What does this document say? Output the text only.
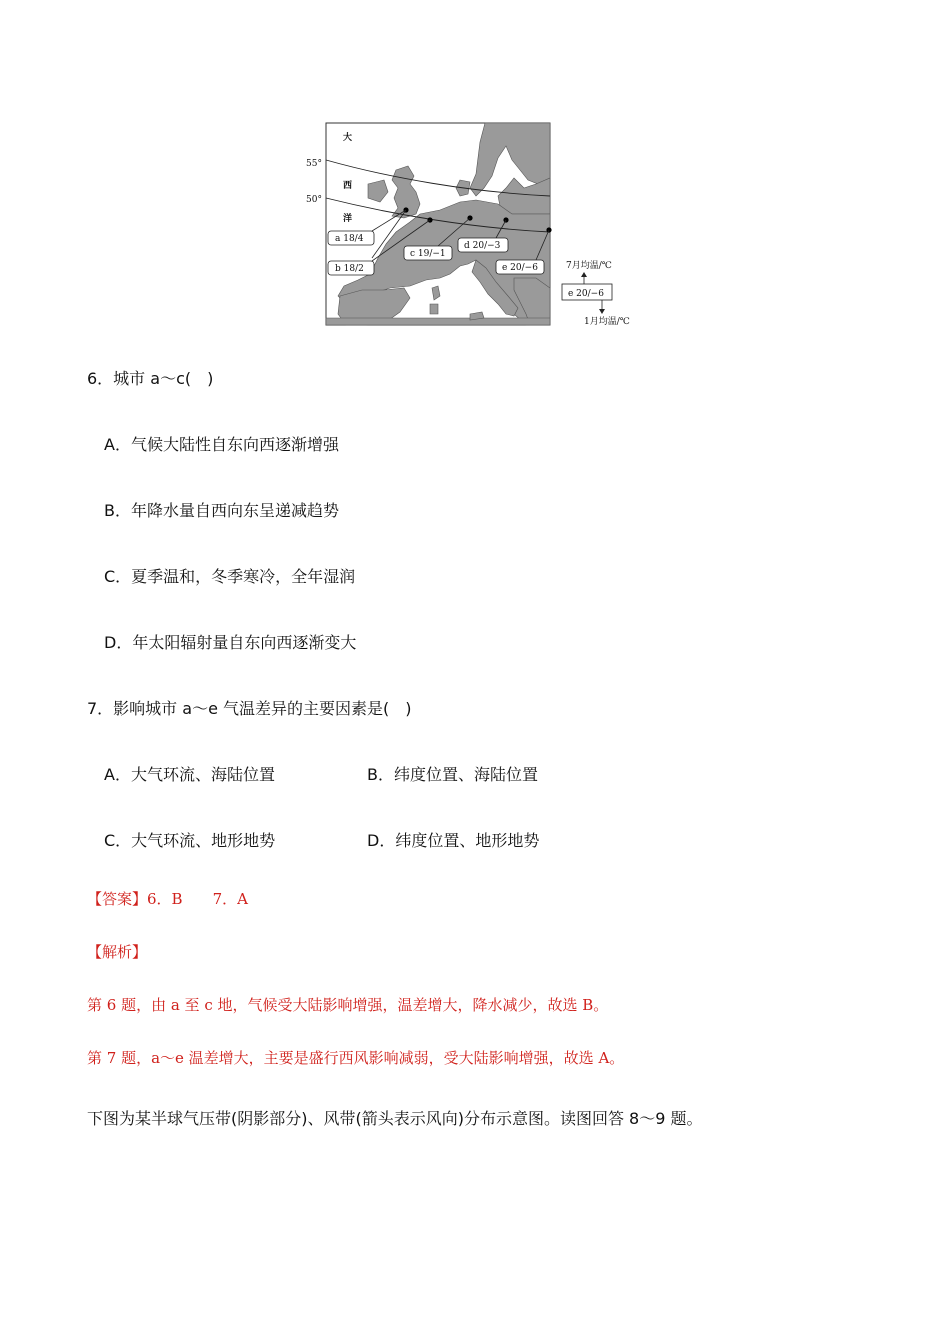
大
西
洋
55°
50°
a 18/4
b 18/2
c 19/−1
d 20/−3
e 20/−6	7月均温/℃
e 20/−6
1月均温/℃
6．城市 a～c(　)
A．气候大陆性自东向西逐渐增强
B．年降水量自西向东呈递减趋势
C．夏季温和，冬季寒冷，全年湿润
D．年太阳辐射量自东向西逐渐变大
7．影响城市 a～e 气温差异的主要因素是(　)
A．大气环流、海陆位置	B．纬度位置、海陆位置
C．大气环流、地形地势	D．纬度位置、地形地势
【答案】6．B　　7．A
【解析】
第 6 题，由 a 至 c 地，气候受大陆影响增强，温差增大，降水减少，故选 B。
第 7 题，a～e 温差增大，主要是盛行西风影响减弱，受大陆影响增强，故选 A。
下图为某半球气压带(阴影部分)、风带(箭头表示风向)分布示意图。读图回答 8～9 题。
